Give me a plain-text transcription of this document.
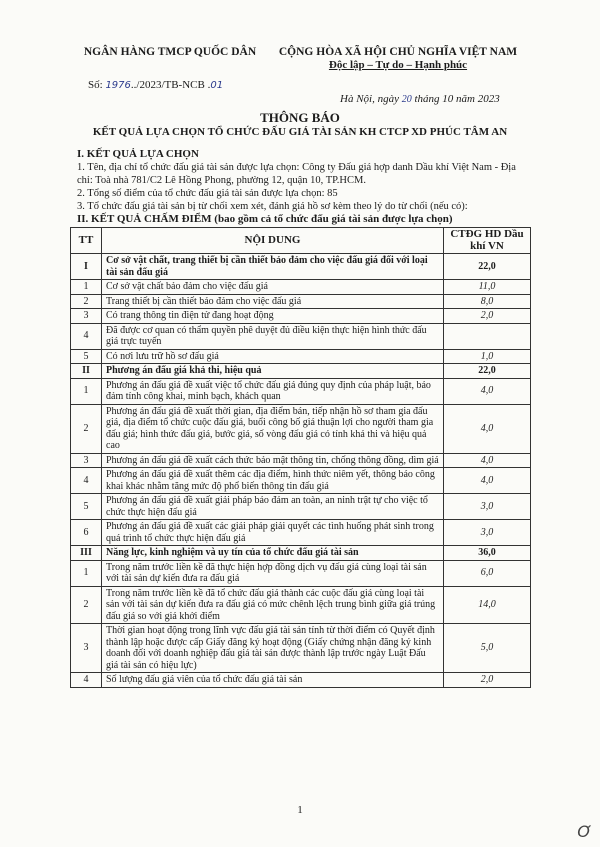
NGÂN HÀNG TMCP QUỐC DÂN	CỘNG HÒA XÃ HỘI CHỦ NGHĨA VIỆT NAM
Độc lập – Tự do – Hạnh phúc
Số: 1976../2023/TB-NCB .01
Hà Nội, ngày 20 tháng 10 năm 2023
THÔNG BÁO
KẾT QUẢ LỰA CHỌN TỔ CHỨC ĐẤU GIÁ TÀI SẢN KH CTCP XD PHÚC TÂM AN
I. KẾT QUẢ LỰA CHỌN
1. Tên, địa chỉ tổ chức đấu giá tài sản được lựa chọn: Công ty Đấu giá hợp danh Dầu khí Việt Nam - Địa chỉ: Toà nhà 781/C2 Lê Hồng Phong, phường 12, quận 10, TP.HCM.
2. Tổng số điểm của tổ chức đấu giá tài sản được lựa chọn: 85
3. Tổ chức đấu giá tài sản bị từ chối xem xét, đánh giá hồ sơ kèm theo lý do từ chối (nếu có):
II. KẾT QUẢ CHẤM ĐIỂM (bao gồm cả tổ chức đấu giá tài sản được lựa chọn)
TT	NỘI DUNG	CTĐG HD Dầu khí VN
I	Cơ sở vật chất, trang thiết bị cần thiết bảo đảm cho việc đấu giá đối với loại tài sản đấu giá	22,0
1	Cơ sở vật chất bảo đảm cho việc đấu giá	11,0
2	Trang thiết bị cần thiết bảo đảm cho việc đấu giá	8,0
3	Có trang thông tin điện tử đang hoạt động	2,0
4	Đã được cơ quan có thẩm quyền phê duyệt đủ điều kiện thực hiện hình thức đấu giá trực tuyến	
5	Có nơi lưu trữ hồ sơ đấu giá	1,0
II	Phương án đấu giá khả thi, hiệu quả	22,0
1	Phương án đấu giá đề xuất việc tổ chức đấu giá đúng quy định của pháp luật, bảo đảm tính công khai, minh bạch, khách quan	4,0
2	Phương án đấu giá đề xuất thời gian, địa điểm bán, tiếp nhận hồ sơ tham gia đấu giá, địa điểm tổ chức cuộc đấu giá, buổi công bố giá thuận lợi cho người tham gia đấu giá; hình thức đấu giá, bước giá, số vòng đấu giá có tính khả thi và hiệu quả cao	4,0
3	Phương án đấu giá đề xuất cách thức bảo mật thông tin, chống thông đồng, dìm giá	4,0
4	Phương án đấu giá đề xuất thêm các địa điểm, hình thức niêm yết, thông báo công khai khác nhằm tăng mức độ phổ biến thông tin đấu giá	4,0
5	Phương án đấu giá đề xuất giải pháp bảo đảm an toàn, an ninh trật tự cho việc tổ chức thực hiện đấu giá	3,0
6	Phương án đấu giá đề xuất các giải pháp giải quyết các tình huống phát sinh trong quá trình tổ chức thực hiện đấu giá	3,0
III	Năng lực, kinh nghiệm và uy tín của tổ chức đấu giá tài sản	36,0
1	Trong năm trước liền kề đã thực hiện hợp đồng dịch vụ đấu giá cùng loại tài sản với tài sản dự kiến đưa ra đấu giá	6,0
2	Trong năm trước liền kề đã tổ chức đấu giá thành các cuộc đấu giá cùng loại tài sản với tài sản dự kiến đưa ra đấu giá có mức chênh lệch trung bình giữa giá trúng đấu giá so với giá khởi điểm	14,0
3	Thời gian hoạt động trong lĩnh vực đấu giá tài sản tính từ thời điểm có Quyết định thành lập hoặc được cấp Giấy đăng ký hoạt động (Giấy chứng nhận đăng ký kinh doanh đối với doanh nghiệp đấu giá tài sản được thành lập trước ngày Luật Đấu giá tài sản có hiệu lực)	5,0
4	Số lượng đấu giá viên của tổ chức đấu giá tài sản	2,0
1
Ơ
